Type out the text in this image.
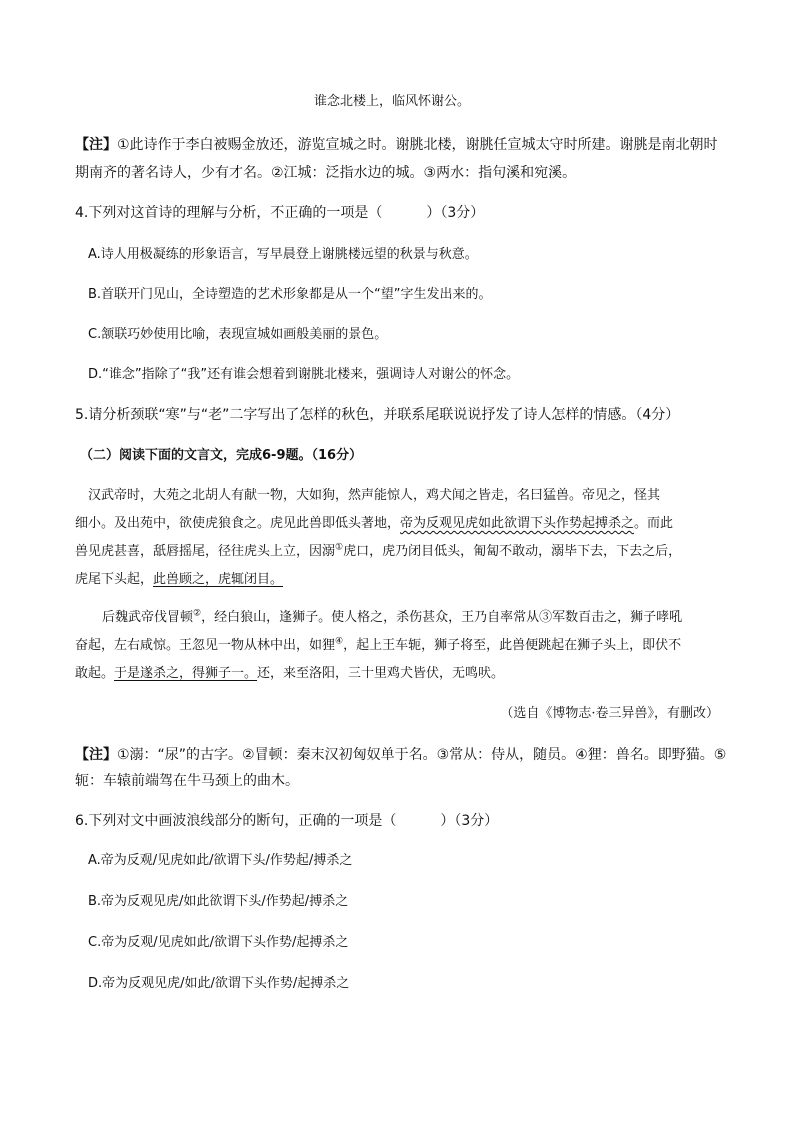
谁念北楼上，临风怀谢公。
【注】①此诗作于李白被赐金放还，游览宣城之时。谢朓北楼，谢朓任宣城太守时所建。谢朓是南北朝时
期南齐的著名诗人，少有才名。②江城：泛指水边的城。③两水：指句溪和宛溪。
4.下列对这首诗的理解与分析，不正确的一项是（	）（3分）
A.诗人用极凝练的形象语言，写早晨登上谢朓楼远望的秋景与秋意。
B.首联开门见山，全诗塑造的艺术形象都是从一个“望”字生发出来的。
C.颔联巧妙使用比喻，表现宣城如画般美丽的景色。
D.“谁念”指除了“我”还有谁会想着到谢朓北楼来，强调诗人对谢公的怀念。
5.请分析颈联“寒”与“老”二字写出了怎样的秋色，并联系尾联说说抒发了诗人怎样的情感。（4分）
（二）阅读下面的文言文，完成6-9题。（16分）
汉武帝时，大苑之北胡人有献一物，大如狗，然声能惊人，鸡犬闻之皆走，名曰猛兽。帝见之，怪其
细小。及出苑中，欲使虎狼食之。虎见此兽即低头著地，帝为反观见虎如此欲谓下头作势起搏杀之。而此
兽见虎甚喜，舐唇摇尾，径往虎头上立，因溺①虎口，虎乃闭目低头，匍匐不敢动，溺毕下去，下去之后，
虎尾下头起，此兽顾之，虎辄闭目。
后魏武帝伐冒顿②，经白狼山，逢狮子。使人格之，杀伤甚众，王乃自率常从③军数百击之，狮子哮吼
奋起，左右咸惊。王忽见一物从林中出，如狸④，起上王车轭，狮子将至，此兽便跳起在狮子头上，即伏不
敢起。于是遂杀之，得狮子一。还，来至洛阳，三十里鸡犬皆伏，无鸣吠。
（选自《博物志·卷三异兽》，有删改）
【注】①溺：“尿”的古字。②冒顿：秦末汉初匈奴单于名。③常从：侍从，随员。④狸：兽名。即野猫。⑤
轭：车辕前端驾在牛马颈上的曲木。
6.下列对文中画波浪线部分的断句，正确的一项是（	）（3分）
A.帝为反观/见虎如此/欲谓下头/作势起/搏杀之
B.帝为反观见虎/如此欲谓下头/作势起/搏杀之
C.帝为反观/见虎如此/欲谓下头作势/起搏杀之
D.帝为反观见虎/如此/欲谓下头作势/起搏杀之
